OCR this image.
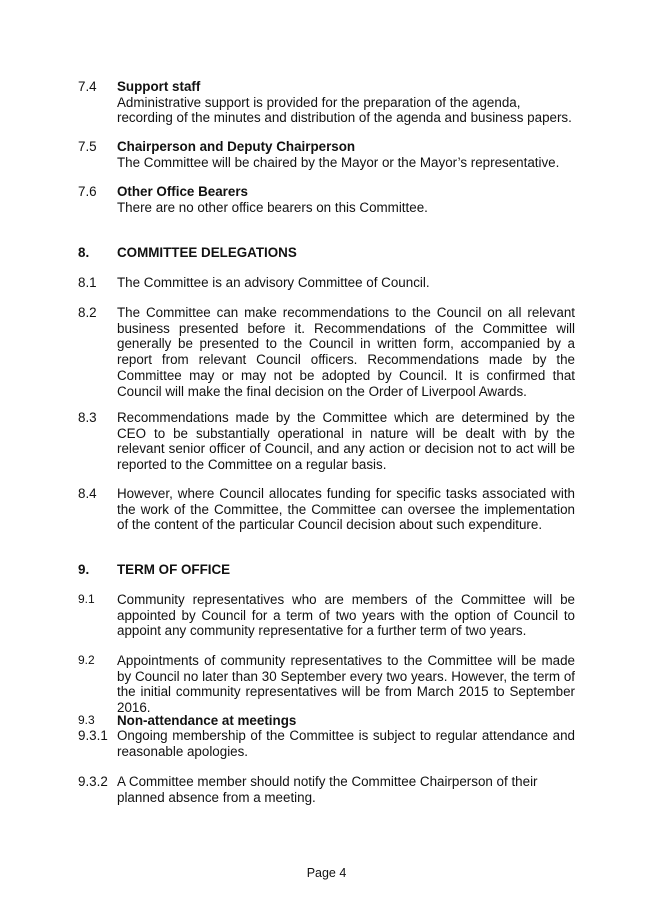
7.4	Support staff
Administrative support is provided for the preparation of the agenda, recording of the minutes and distribution of the agenda and business papers.
7.5	Chairperson and Deputy Chairperson
The Committee will be chaired by the Mayor or the Mayor’s representative.
7.6	Other Office Bearers
There are no other office bearers on this Committee.
8.	COMMITTEE DELEGATIONS
8.1	The Committee is an advisory Committee of Council.
8.2	The Committee can make recommendations to the Council on all relevant business presented before it. Recommendations of the Committee will generally be presented to the Council in written form, accompanied by a report from relevant Council officers. Recommendations made by the Committee may or may not be adopted by Council. It is confirmed that Council will make the final decision on the Order of Liverpool Awards.
8.3	Recommendations made by the Committee which are determined by the CEO to be substantially operational in nature will be dealt with by the relevant senior officer of Council, and any action or decision not to act will be reported to the Committee on a regular basis.
8.4	However, where Council allocates funding for specific tasks associated with the work of the Committee, the Committee can oversee the implementation of the content of the particular Council decision about such expenditure.
9.	TERM OF OFFICE
9.1	Community representatives who are members of the Committee will be appointed by Council for a term of two years with the option of Council to appoint any community representative for a further term of two years.
9.2	Appointments of community representatives to the Committee will be made by Council no later than 30 September every two years. However, the term of the initial community representatives will be from March 2015 to September 2016.
9.3	Non-attendance at meetings
9.3.1 Ongoing membership of the Committee is subject to regular attendance and reasonable apologies.
9.3.2 A Committee member should notify the Committee Chairperson of their planned absence from a meeting.
Page 4
